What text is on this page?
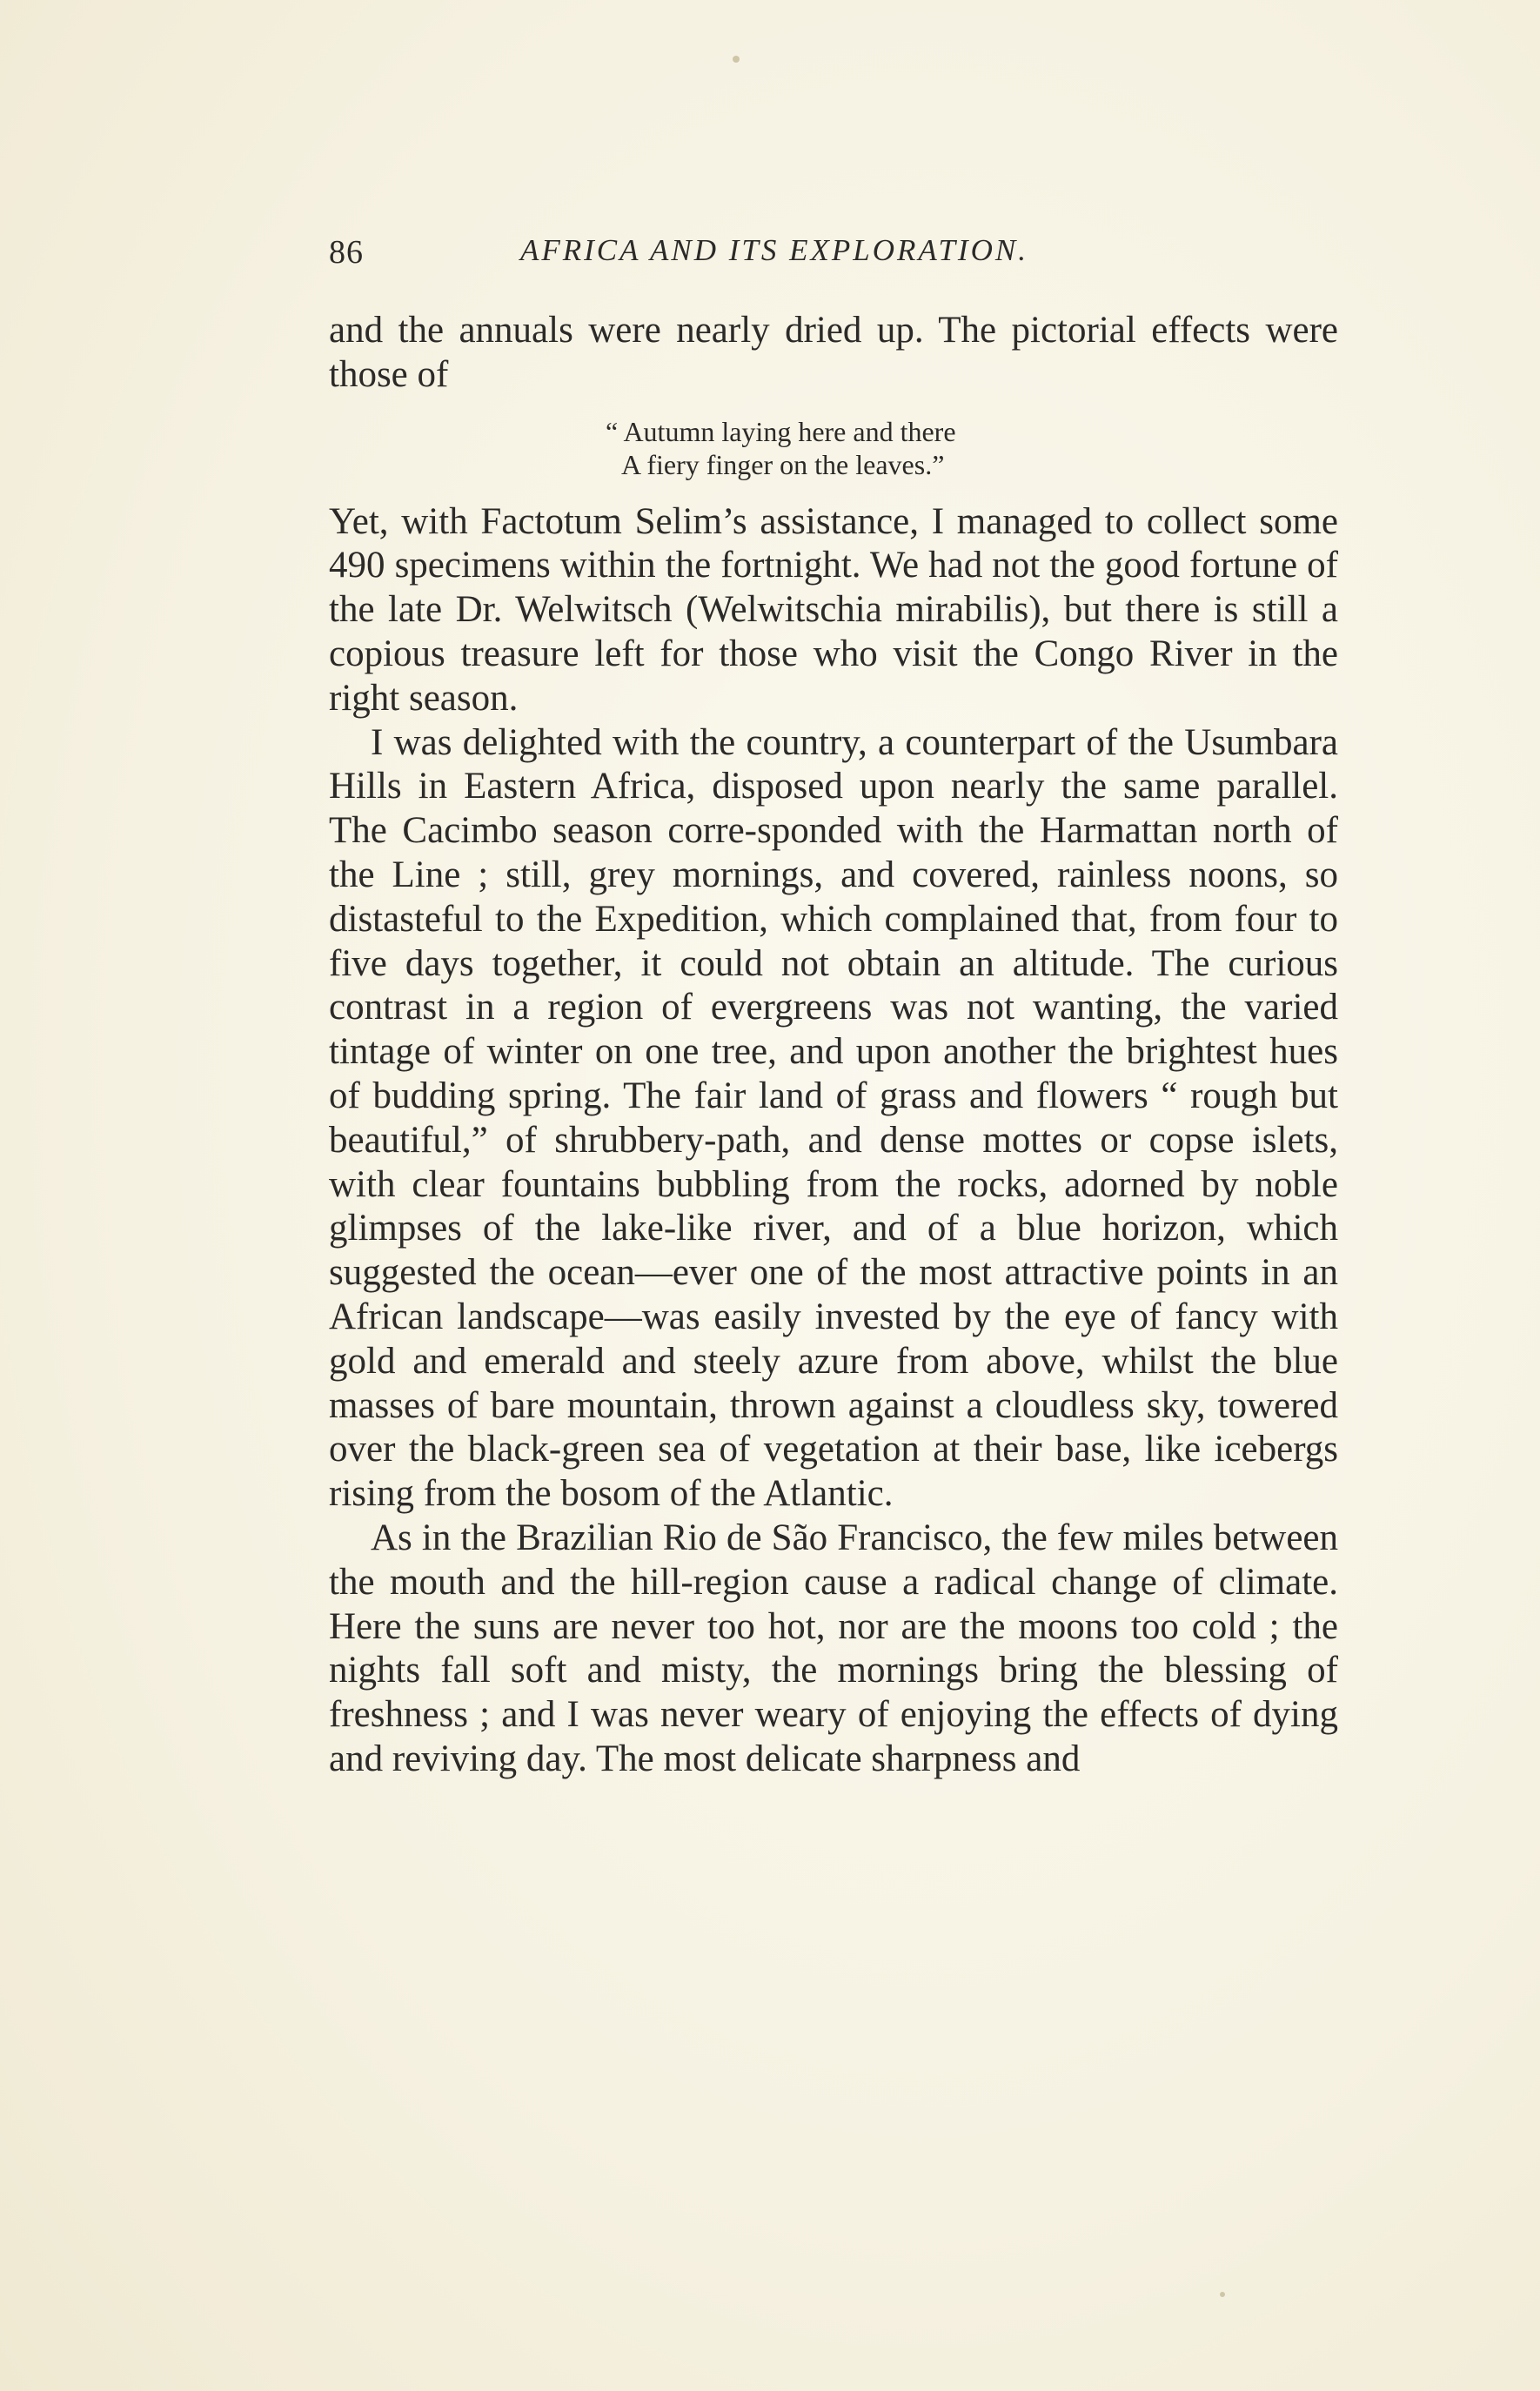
86	AFRICA AND ITS EXPLORATION.

and the annuals were nearly dried up. The pictorial effects were those of

“ Autumn laying here and there
A fiery finger on the leaves.”

Yet, with Factotum Selim’s assistance, I managed to collect some 490 specimens within the fortnight. We had not the good fortune of the late Dr. Welwitsch (Welwitschia mirabilis), but there is still a copious treasure left for those who visit the Congo River in the right season.

I was delighted with the country, a counterpart of the Usumbara Hills in Eastern Africa, disposed upon nearly the same parallel. The Cacimbo season corre-sponded with the Harmattan north of the Line ; still, grey mornings, and covered, rainless noons, so distasteful to the Expedition, which complained that, from four to five days together, it could not obtain an altitude. The curious contrast in a region of evergreens was not wanting, the varied tintage of winter on one tree, and upon another the brightest hues of budding spring. The fair land of grass and flowers “ rough but beautiful,” of shrubbery-path, and dense mottes or copse islets, with clear fountains bubbling from the rocks, adorned by noble glimpses of the lake-like river, and of a blue horizon, which suggested the ocean—ever one of the most attractive points in an African landscape—was easily invested by the eye of fancy with gold and emerald and steely azure from above, whilst the blue masses of bare mountain, thrown against a cloudless sky, towered over the black-green sea of vegetation at their base, like icebergs rising from the bosom of the Atlantic.

As in the Brazilian Rio de São Francisco, the few miles between the mouth and the hill-region cause a radical change of climate. Here the suns are never too hot, nor are the moons too cold ; the nights fall soft and misty, the mornings bring the blessing of freshness ; and I was never weary of enjoying the effects of dying and reviving day. The most delicate sharpness and
